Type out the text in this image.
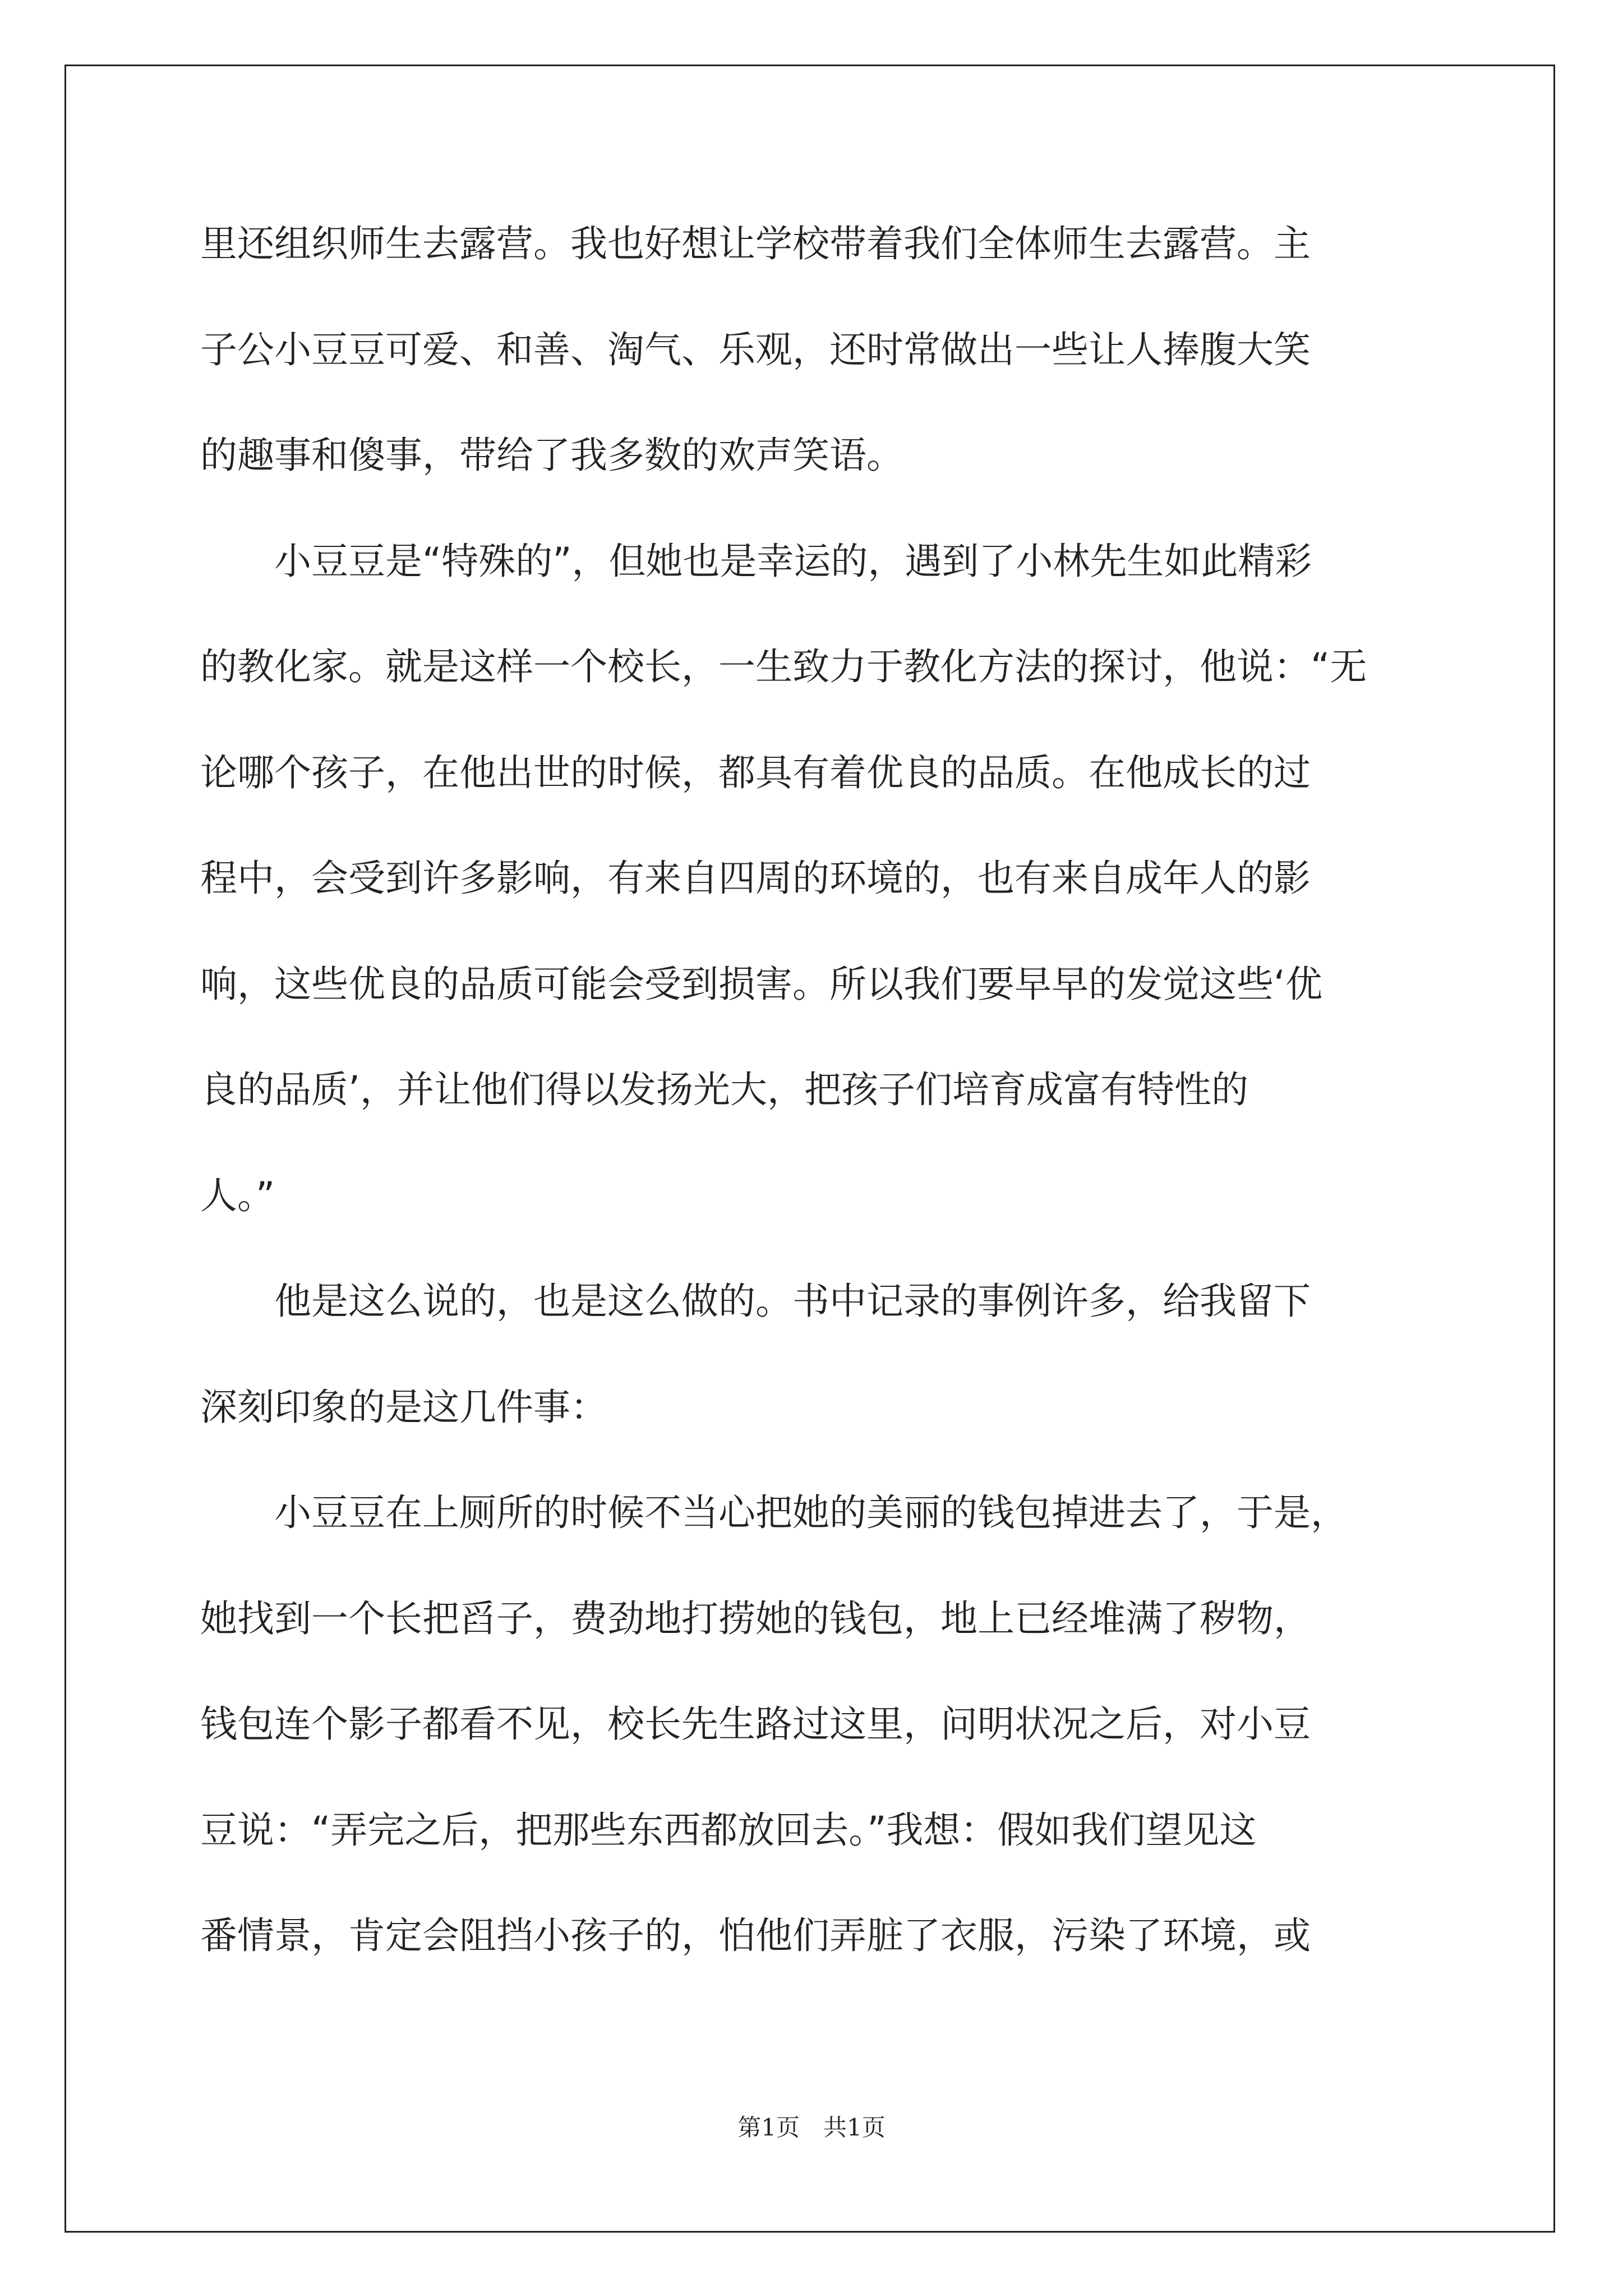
里还组织师生去露营。我也好想让学校带着我们全体师生去露营。主
子公小豆豆可爱、和善、淘气、乐观，还时常做出一些让人捧腹大笑
的趣事和傻事，带给了我多数的欢声笑语。
小豆豆是“特殊的”，但她也是幸运的，遇到了小林先生如此精彩
的教化家。就是这样一个校长，一生致力于教化方法的探讨，他说：“无
论哪个孩子，在他出世的时候，都具有着优良的品质。在他成长的过
程中，会受到许多影响，有来自四周的环境的，也有来自成年人的影
响，这些优良的品质可能会受到损害。所以我们要早早的发觉这些‘优
良的品质’，并让他们得以发扬光大，把孩子们培育成富有特性的
人。”
他是这么说的，也是这么做的。书中记录的事例许多，给我留下
深刻印象的是这几件事：
小豆豆在上厕所的时候不当心把她的美丽的钱包掉进去了，于是，
她找到一个长把舀子，费劲地打捞她的钱包，地上已经堆满了秽物，
钱包连个影子都看不见，校长先生路过这里，问明状况之后，对小豆
豆说：“弄完之后，把那些东西都放回去。”我想：假如我们望见这
番情景，肯定会阻挡小孩子的，怕他们弄脏了衣服，污染了环境，或
第1页　共1页
